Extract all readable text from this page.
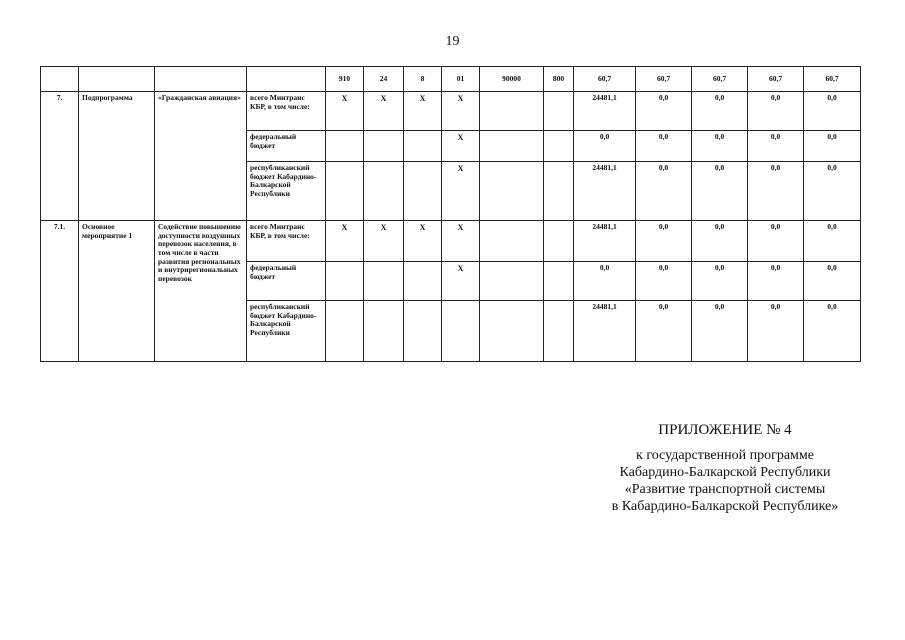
19
				910	24	8	01	90000	800	60,7	60,7	60,7	60,7	60,7
7.	Подпрограмма	«Гражданская авиация»	всего Минтранс КБР, в том числе:	Х	Х	Х	Х			24481,1	0,0	0,0	0,0	0,0
			федеральный бюджет				Х			0,0	0,0	0,0	0,0	0,0
			республиканский бюджет Кабардино-Балкарской Республики				Х			24481,1	0,0	0,0	0,0	0,0
7.1.	Основное мероприятие 1	Содействие повышению доступности воздушных перевозок населения, в том числе в части развития региональных и внутрирегиональных перевозок	всего Минтранс КБР, в том числе:	Х	Х	Х	Х			24481,1	0,0	0,0	0,0	0,0
			федеральный бюджет				Х			0,0	0,0	0,0	0,0	0,0
			республиканский бюджет Кабардино-Балкарской Республики							24481,1	0,0	0,0	0,0	0,0
ПРИЛОЖЕНИЕ № 4
к государственной программе
Кабардино-Балкарской Республики
«Развитие транспортной системы
в Кабардино-Балкарской Республике»
